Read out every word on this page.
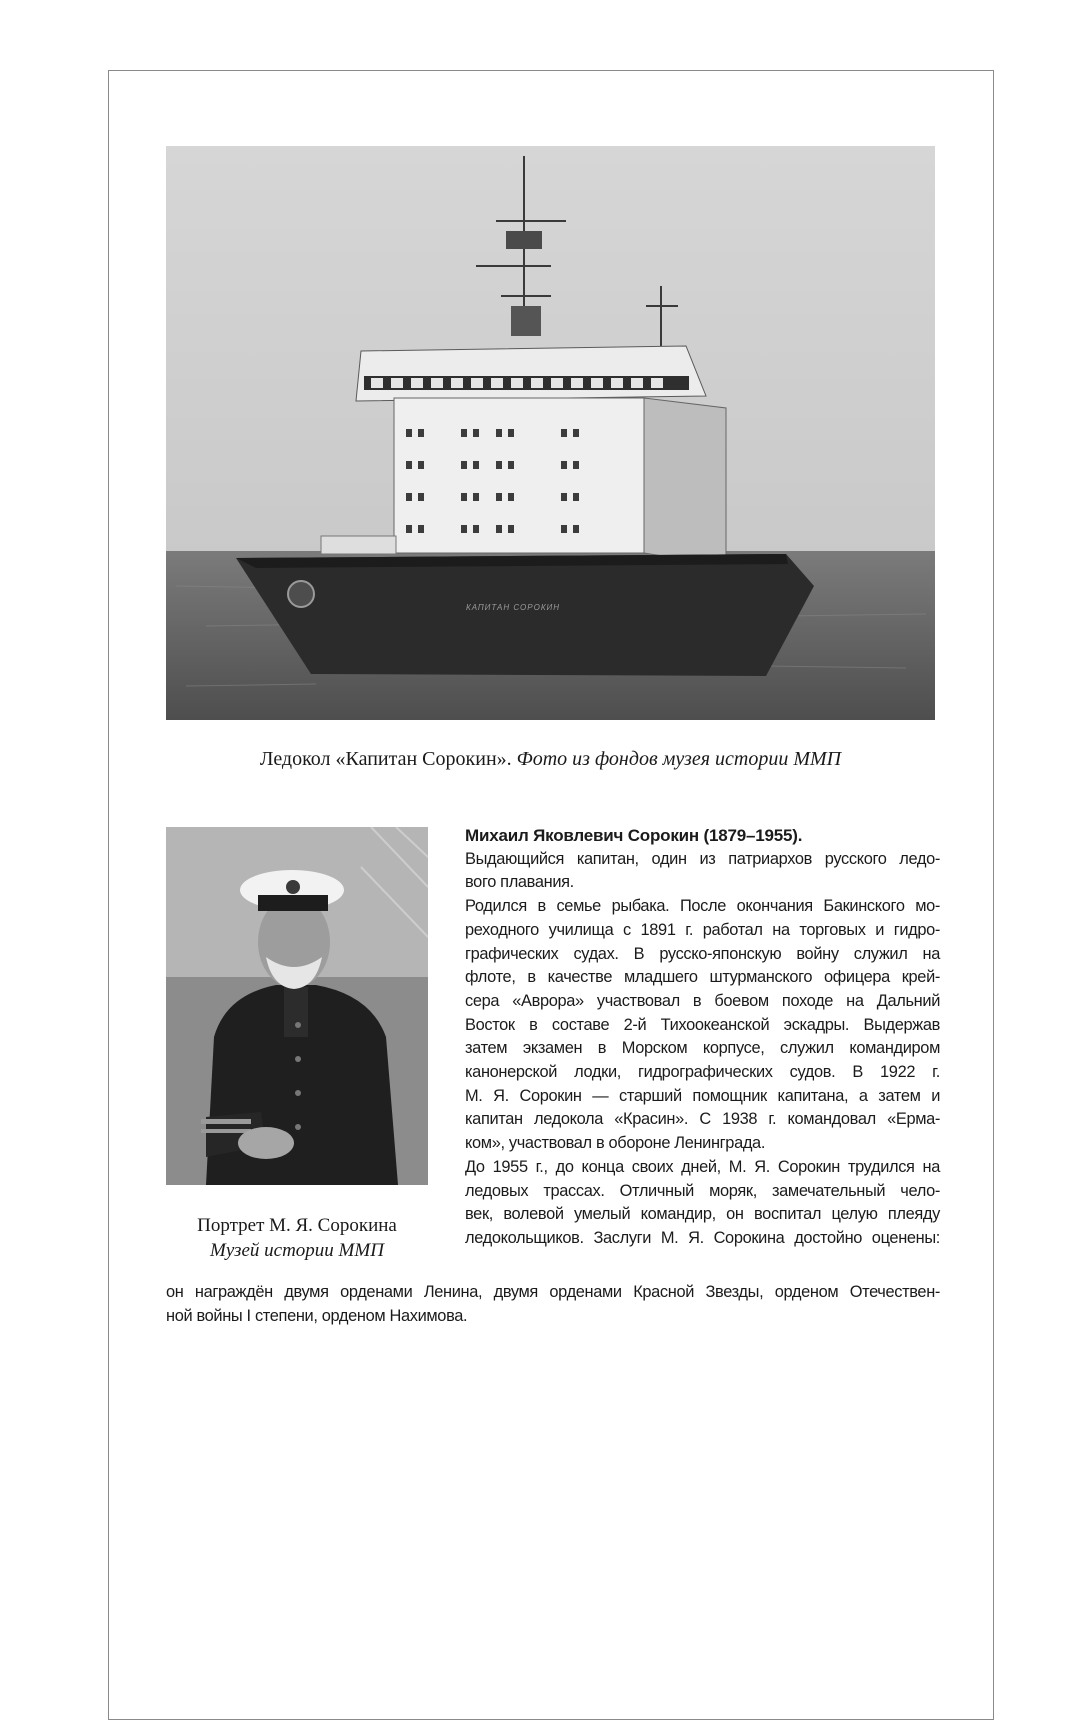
КАПИТАН СОРОКИН
Ледокол «Капитан Сорокин». Фото из фондов музея истории ММП
Портрет М. Я. Сорокина
Музей истории ММП
Михаил Яковлевич Сорокин (1879–1955).
Выдающийся капитан, один из патриархов русского ледо-
вого плавания.
Родился в семье рыбака. После окончания Бакинского мо-
реходного училища с 1891 г. работал на торговых и гидро-
графических судах. В русско-японскую войну служил на
флоте, в качестве младшего штурманского офицера крей-
сера «Аврора» участвовал в боевом походе на Дальний
Восток в составе 2-й Тихоокеанской эскадры. Выдержав
затем экзамен в Морском корпусе, служил командиром
канонерской лодки, гидрографических судов. В 1922 г.
М. Я. Сорокин — старший помощник капитана, а затем и
капитан ледокола «Красин». С 1938 г. командовал «Ерма-
ком», участвовал в обороне Ленинграда.
До 1955 г., до конца своих дней, М. Я. Сорокин трудился на
ледовых трассах. Отличный моряк, замечательный чело-
век, волевой умелый командир, он воспитал целую плеяду
ледокольщиков. Заслуги М. Я. Сорокина достойно оценены:
он награждён двумя орденами Ленина, двумя орденами Красной Звезды, орденом Отечествен-
ной войны I степени, орденом Нахимова.
